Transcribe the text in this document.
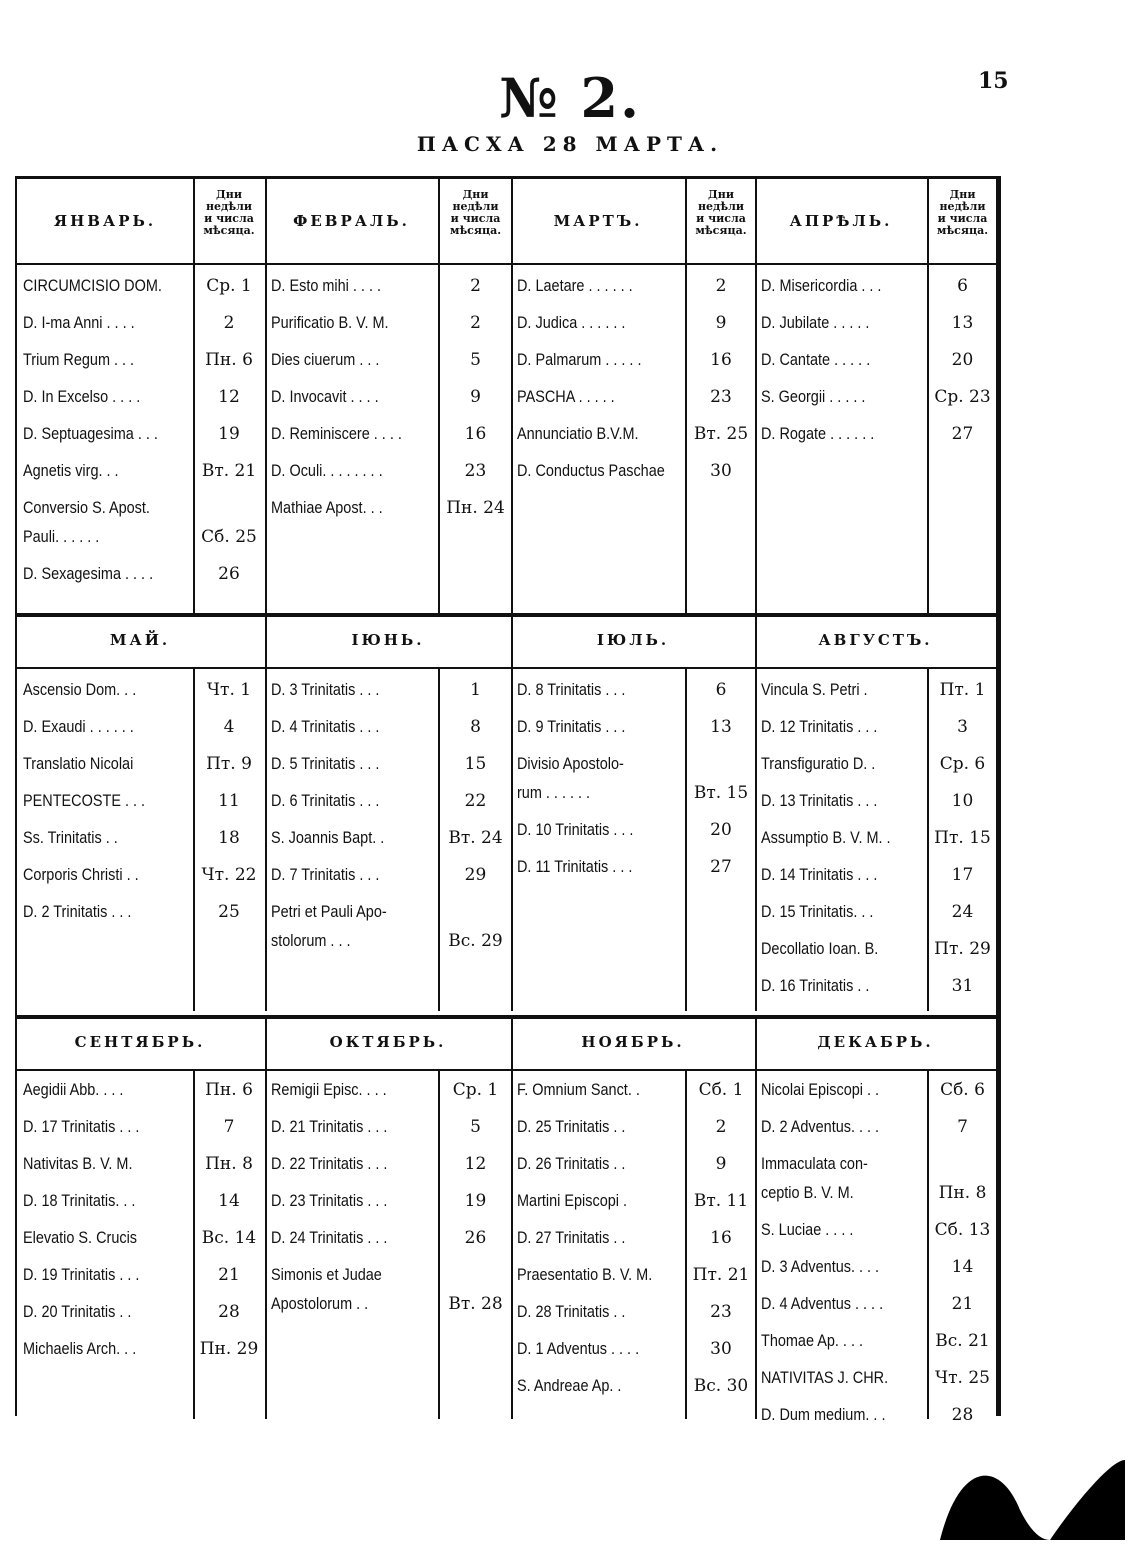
15
№ 2.
ПАСХА 28 МАРТА.
ЯНВАРЬ.
Дни
недѣли
и числа
мѣсяца.
CIRCUMCISIO DOM.	Ср. 1
D. I-ma Anni . . . .	2
Trium Regum . . .	Пн. 6
D. In Excelso . . . .	12
D. Septuagesima . . .	19
Agnetis virg. . .	Вт. 21
Conversio S. Apost.
Pauli. . . . . .	Сб. 25
D. Sexagesima . . . .	26
ФЕВРАЛЬ.
Дни
недѣли
и числа
мѣсяца.
D. Esto mihi . . . .	2
Purificatio B. V. M.	2
Dies ciuerum . . .	5
D. Invocavit . . . .	9
D. Reminiscere . . . .	16
D. Oculi. . . . . . . .	23
Mathiae Apost. . .	Пн. 24
МАРТЪ.
Дни
недѣли
и числа
мѣсяца.
D. Laetare . . . . . .	2
D. Judica . . . . . .	9
D. Palmarum . . . . .	16
PASCHA . . . . .	23
Annunciatio B.V.M.	Вт. 25
D. Conductus Paschae	30
АПРѢЛЬ.
Дни
недѣли
и числа
мѣсяца.
D. Misericordia . . .	6
D. Jubilate . . . . .	13
D. Cantate . . . . .	20
S. Georgii . . . . .	Ср. 23
D. Rogate . . . . . .	27
МАЙ.
Ascensio Dom. . .	Чт. 1
D. Exaudi . . . . . .	4
Translatio Nicolai	Пт. 9
PENTECOSTE . . .	11
Ss. Trinitatis . .	18
Corporis Christi . .	Чт. 22
D. 2 Trinitatis . . .	25
ІЮНЬ.
D. 3 Trinitatis . . .	1
D. 4 Trinitatis . . .	8
D. 5 Trinitatis . . .	15
D. 6 Trinitatis . . .	22
S. Joannis Bapt. .	Вт. 24
D. 7 Trinitatis . . .	29
Petri et Pauli Apo-
stolorum . . .	Вс. 29
ІЮЛЬ.
D. 8 Trinitatis . . .	6
D. 9 Trinitatis . . .	13
Divisio Apostolo-
rum . . . . . .	Вт. 15
D. 10 Trinitatis . . .	20
D. 11 Trinitatis . . .	27
АВГУСТЪ.
Vincula S. Petri .	Пт. 1
D. 12 Trinitatis . . .	3
Transfiguratio D. .	Ср. 6
D. 13 Trinitatis . . .	10
Assumptio B. V. M. .	Пт. 15
D. 14 Trinitatis . . .	17
D. 15 Trinitatis. . .	24
Decollatio Ioan. B.	Пт. 29
D. 16 Trinitatis . .	31
СЕНТЯБРЬ.
Aegidii Abb. . . .	Пн. 6
D. 17 Trinitatis . . .	7
Nativitas B. V. M.	Пн. 8
D. 18 Trinitatis. . .	14
Elevatio S. Crucis	Вс. 14
D. 19 Trinitatis . . .	21
D. 20 Trinitatis . .	28
Michaelis Arch. . .	Пн. 29
ОКТЯБРЬ.
Remigii Episc. . . .	Ср. 1
D. 21 Trinitatis . . .	5
D. 22 Trinitatis . . .	12
D. 23 Trinitatis . . .	19
D. 24 Trinitatis . . .	26
Simonis et Judae
Apostolorum . .	Вт. 28
НОЯБРЬ.
F. Omnium Sanct. .	Сб. 1
D. 25 Trinitatis . .	2
D. 26 Trinitatis . .	9
Martini Episcopi .	Вт. 11
D. 27 Trinitatis . .	16
Praesentatio B. V. M.	Пт. 21
D. 28 Trinitatis . .	23
D. 1 Adventus . . . .	30
S. Andreae Ap. .	Вс. 30
ДЕКАБРЬ.
Nicolai Episcopi . .	Сб. 6
D. 2 Adventus. . . .	7
Immaculata con-
ceptio B. V. M.	Пн. 8
S. Luciae . . . .	Сб. 13
D. 3 Adventus. . . .	14
D. 4 Adventus . . . .	21
Thomae Ap. . . .	Вс. 21
NATIVITAS J. CHR.	Чт. 25
D. Dum medium. . .	28
